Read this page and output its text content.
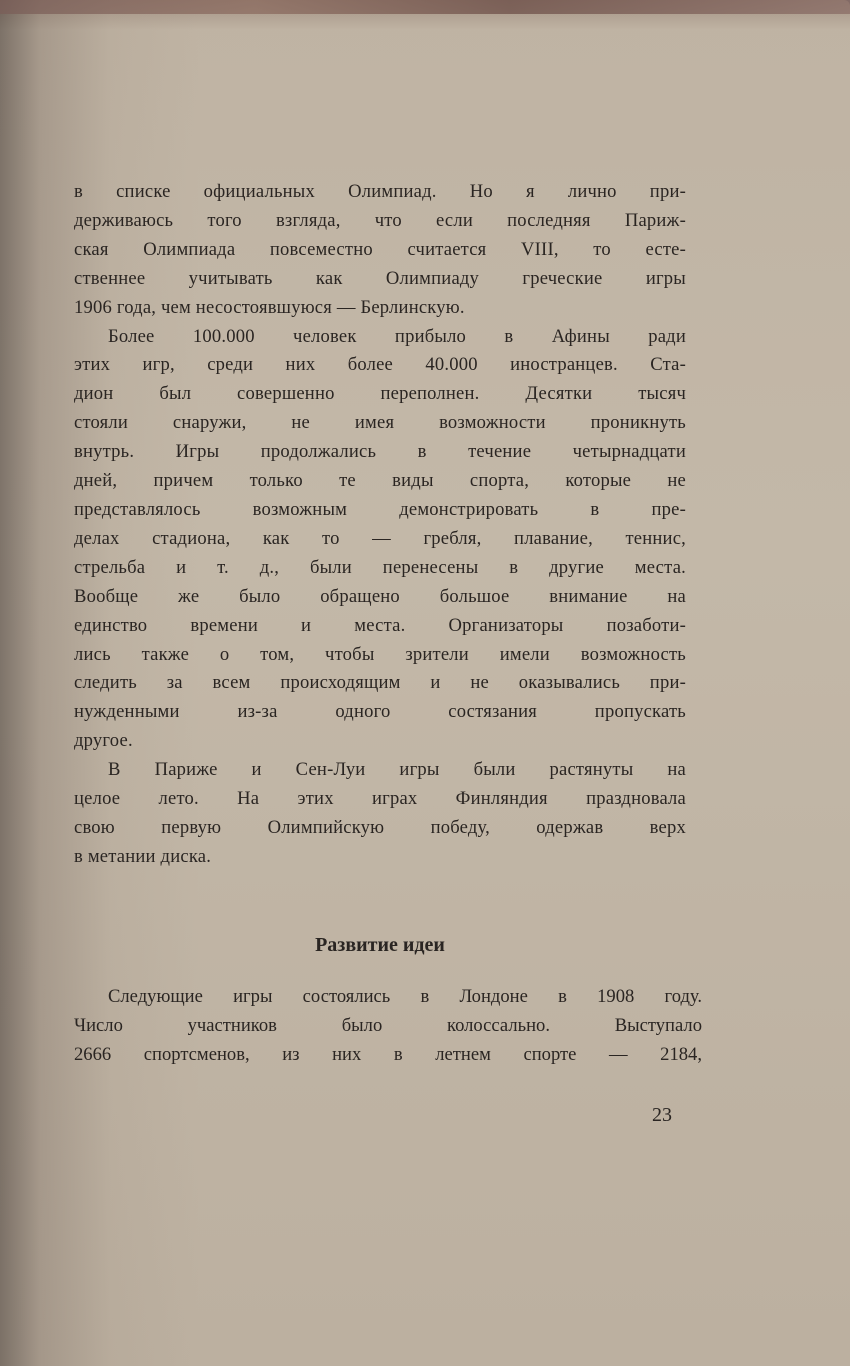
в списке официальных Олимпиад. Но я лично при-
держиваюсь того взгляда, что если последняя Париж-
ская Олимпиада повсеместно считается VIII, то есте-
ственнее учитывать как Олимпиаду греческие игры
1906 года, чем несостоявшуюся — Берлинскую.
Более 100.000 человек прибыло в Афины ради
этих игр, среди них более 40.000 иностранцев. Ста-
дион был совершенно переполнен. Десятки тысяч
стояли снаружи, не имея возможности проникнуть
внутрь. Игры продолжались в течение четырнадцати
дней, причем только те виды спорта, которые не
представлялось возможным демонстрировать в пре-
делах стадиона, как то — гребля, плавание, теннис,
стрельба и т. д., были перенесены в другие места.
Вообще же было обращено большое внимание на
единство времени и места. Организаторы позаботи-
лись также о том, чтобы зрители имели возможность
следить за всем происходящим и не оказывались при-
нужденными из-за одного состязания пропускать
другое.
В Париже и Сен-Луи игры были растянуты на
целое лето. На этих играх Финляндия праздновала
свою первую Олимпийскую победу, одержав верх
в метании диска.
Развитие идеи
Следующие игры состоялись в Лондоне в 1908 году.
Число участников было колоссально. Выступало
2666 спортсменов, из них в летнем спорте — 2184,
23
